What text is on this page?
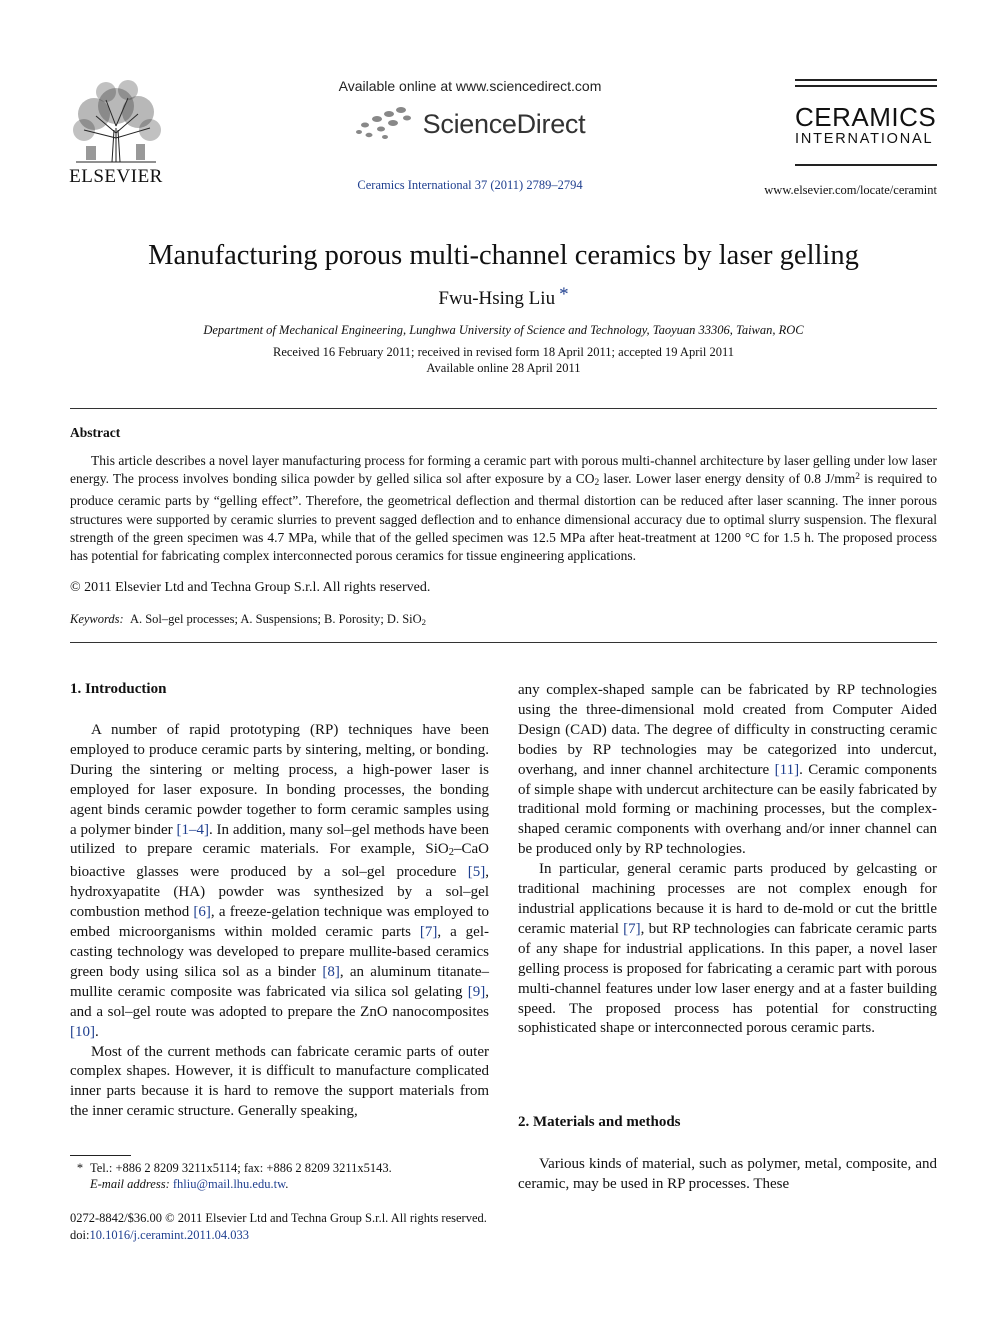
ELSEVIER
Available online at www.sciencedirect.com
ScienceDirect
Ceramics International 37 (2011) 2789–2794
CERAMICS
INTERNATIONAL
www.elsevier.com/locate/ceramint
Manufacturing porous multi-channel ceramics by laser gelling
Fwu-Hsing Liu *
Department of Mechanical Engineering, Lunghwa University of Science and Technology, Taoyuan 33306, Taiwan, ROC
Received 16 February 2011; received in revised form 18 April 2011; accepted 19 April 2011
Available online 28 April 2011
Abstract
This article describes a novel layer manufacturing process for forming a ceramic part with porous multi-channel architecture by laser gelling under low laser energy. The process involves bonding silica powder by gelled silica sol after exposure by a $CO_2$ laser. Lower laser energy density of 0.8 $J/mm^2$ is required to produce ceramic parts by “gelling effect”. Therefore, the geometrical deflection and thermal distortion can be reduced after laser scanning. The inner porous structures were supported by ceramic slurries to prevent sagged deflection and to enhance dimensional accuracy due to optimal slurry suspension. The flexural strength of the green specimen was 4.7 MPa, while that of the gelled specimen was 12.5 MPa after heat-treatment at 1200 °C for 1.5 h. The proposed process has potential for fabricating complex interconnected porous ceramics for tissue engineering applications.
© 2011 Elsevier Ltd and Techna Group S.r.l. All rights reserved.
Keywords: A. Sol–gel processes; A. Suspensions; B. Porosity; D. SiO$_2$
1. Introduction

A number of rapid prototyping (RP) techniques have been employed to produce ceramic parts by sintering, melting, or bonding. During the sintering or melting process, a high-power laser is employed for laser exposure. In bonding processes, the bonding agent binds ceramic powder together to form ceramic samples using a polymer binder [1–4]. In addition, many sol–gel methods have been utilized to prepare ceramic materials. For example, SiO$_2$–CaO bioactive glasses were produced by a sol–gel procedure [5], hydroxyapatite (HA) powder was synthesized by a sol–gel combustion method [6], a freeze-gelation technique was employed to embed microorganisms within molded ceramic parts [7], a gel-casting technology was developed to prepare mullite-based ceramics green body using silica sol as a binder [8], an aluminum titanate–mullite ceramic composite was fabricated via silica sol gelating [9], and a sol–gel route was adopted to prepare the ZnO nanocomposites [10].

Most of the current methods can fabricate ceramic parts of outer complex shapes. However, it is difficult to manufacture complicated inner parts because it is hard to remove the support materials from the inner ceramic structure. Generally speaking,

any complex-shaped sample can be fabricated by RP technologies using the three-dimensional mold created from Computer Aided Design (CAD) data. The degree of difficulty in constructing ceramic bodies by RP technologies may be categorized into undercut, overhang, and inner channel architecture [11]. Ceramic components of simple shape with undercut architecture can be easily fabricated by traditional mold forming or machining processes, but the complex-shaped ceramic components with overhang and/or inner channel can be produced only by RP technologies.

In particular, general ceramic parts produced by gelcasting or traditional machining processes are not complex enough for industrial applications because it is hard to de-mold or cut the brittle ceramic material [7], but RP technologies can fabricate ceramic parts of any shape for industrial applications. In this paper, a novel laser gelling process is proposed for fabricating a ceramic part with porous multi-channel features under low laser energy and at a faster building speed. The proposed process has potential for constructing sophisticated shape or interconnected porous ceramic parts.

2. Materials and methods

Various kinds of material, such as polymer, metal, composite, and ceramic, may be used in RP processes. These

* Tel.: +886 2 8209 3211x5114; fax: +886 2 8209 3211x5143.
E-mail address: fhliu@mail.lhu.edu.tw.
0272-8842/$36.00 © 2011 Elsevier Ltd and Techna Group S.r.l. All rights reserved.
doi:10.1016/j.ceramint.2011.04.033
